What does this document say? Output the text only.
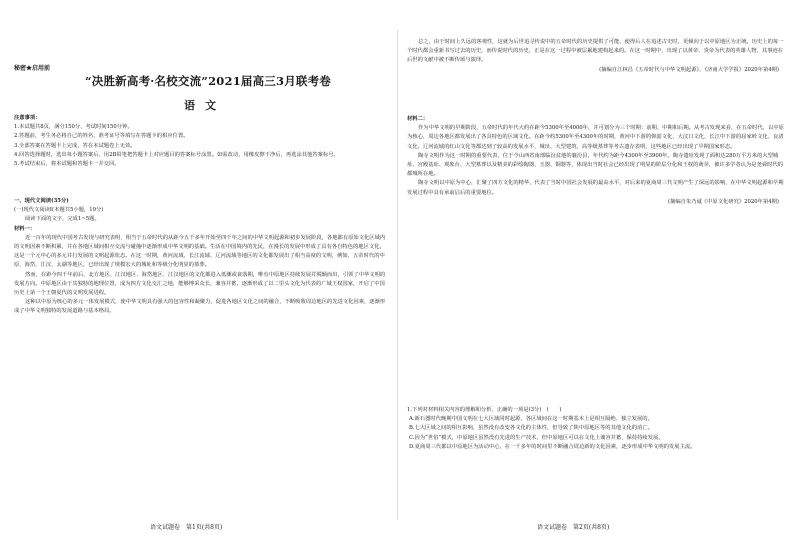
秘密★启用前
“决胜新高考·名校交流”2021届高三3月联考卷
语文

注意事项：

1.本试题共8页，满分150分，考试时间150分钟。

2.答题前，考生务必将自己的姓名、准考证号等填写在答题卡的相应位置。

3.全部答案在答题卡上完成，答在本试题卷上无效。

4.回答选择题时，选出每小题答案后，用2B铅笔把答题卡上对应题目的答案标号涂黑。如需改动，用橡皮擦干净后，再选涂其他答案标号。

5.考试结束后，将本试题和答题卡一并交回。

一、现代文阅读(35分)

(一)现代文阅读Ⅰ(本题共5小题，19分)

阅读下面的文字，完成1~5题。

材料一：

近一百年的现代中国考古发现与研究表明，相当于五帝时代的从距今五千多年开始至四千年之间的中华文明起源和初步发展阶段，各地都有原始文化区域内的文明因素不断积累，并在各地区域间相互交流与碰撞中逐渐形成中华文明的基础。生活在中国境内的先民，在漫长的发展中形成了具有各自特色的地区文化，这是一个元中心的多元并行发展的文明起源状态。在这一时期，黄河流域、长江流域、辽河流域等地区的文化都发展出了相当高度的文明，例如，五帝时代的中原、海岱、江汉、太湖等地区，已经出现了规模宏大的城址和等级分化明显的墓葬。

然而，在距今四千年前后，北方地区、江汉地区、海岱地区、江汉地区的文化都进入低潮或衰落期，唯有中原地区持续发展并脱颖而出，引领了中华文明的发展方向。中原地区由于其独特的地理位置，成为四方文化交汇之地，能够博采众长，兼容并蓄，逐渐形成了以二里头文化为代表的广域王权国家，开启了中国历史上第一个王朝夏代的文明发展进程。

这种以中原为核心的多元一体发展模式，使中华文明具有强大的包容性和凝聚力，促进各地区文化之间的融合，不断吸收周边地区的先进文化因素，逐渐形成了中华文明独特的发展道路与基本格局。

语文试题卷　第1页(共8页)

总之，由于时间上久远的客观性，这就为后世追寻传说中的五帝时代的历史提供了可能，使得后人在追述古史时，更倾向于以中原地区为正统。历史上的每一个时代都会重新书写过去的历史，而传说时代的历史，正是在这一过程中被层累地建构起来的。在这一时期中，出现了以黄帝、炎帝为代表的英雄人物，其事迹在后世的文献中被不断传颂与演绎。

(摘编自江林昌《五帝时代与中华文明起源》，《济南大学学报》2020年第4期)

材料二：

作为中华文明的早期阶段，五帝时代的年代大约在距今5300年至4000年，并可划分为三个时期：前期、中期和后期。从考古发现来看，在五帝时代，以中原为核心，周边各地区都发展出了各具特色的区域文化。在距今约5300年至4300年的时期，黄河中下游的仰韶文化、大汶口文化，长江中下游的屈家岭文化、良渚文化，辽河流域的红山文化等都达到了较高的发展水平，城址、大型建筑、高等级墓葬等考古遗存表明，这些地区已经出现了早期国家形态。

陶寺文明作为这一时期的重要代表，位于今山西省南部临汾盆地的襄汾县，年代约为距今4300年至3900年。陶寺遗址发现了面积达280万平方米的大型城址、宫殿基址、观象台、大型墓葬以及精美的彩绘陶器、玉器、铜器等，体现出当时社会已经出现了明显的阶层分化和王权的萌芽，被许多学者认为是尧舜时代的都城所在地。

陶寺文明以中原为中心，汇聚了四方文化的精华，代表了当时中国社会发展的最高水平，对后来的夏商周三代文明产生了深远的影响，在中华文明起源和早期发展过程中具有承前启后的重要地位。

(摘编自朱乃诚《中原文化研究》2020年第4期)

1.下列对材料相关内容的理解和分析，正确的一项是(3分)　(　　)

A.新石器时代晚期中国文明在七大区域同时起源，各区域间在这一时期基本上是相互隔绝、独立发展的。

B.七大区域之间的相互影响，虽然没有改变各文化的主体性，但导致了陕中原地区等的其他文化的消亡。

C.因为“世俗”模式，中原地区虽然没有先进的生产技术，但中原地区可以在文化上兼容并蓄，保持持续发展。

D.夏商周三代都以中原地区为活动中心，在一千多年的时间里不断融合周边新的文化因素，逐步形成中华文明的发展主流。

语文试题卷　第2页(共8页)
